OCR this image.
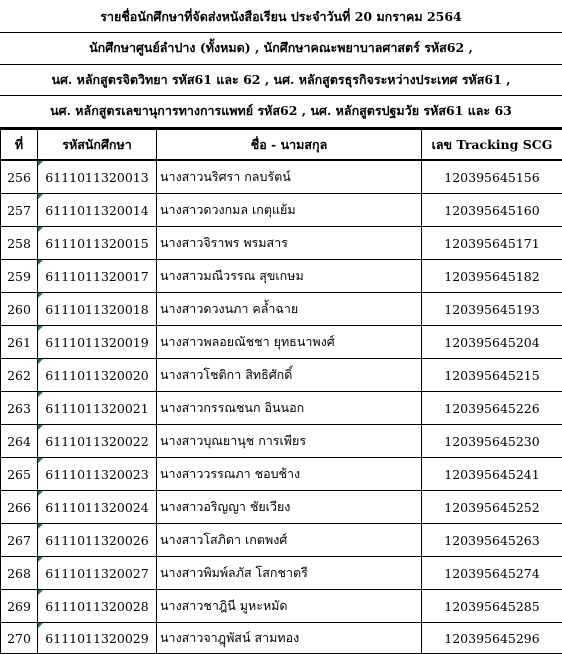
รายชื่อนักศึกษาที่จัดส่งหนังสือเรียน ประจำวันที่ 20 มกราคม 2564
นักศึกษาศูนย์ลำปาง (ทั้งหมด) , นักศึกษาคณะพยาบาลศาสตร์ รหัส62 ,
นศ. หลักสูตรจิตวิทยา รหัส61 และ 62 , นศ. หลักสูตรธุรกิจระหว่างประเทศ รหัส61 ,
นศ. หลักสูตรเลขานุการทางการแพทย์ รหัส62 , นศ. หลักสูตรปฐมวัย รหัส61 และ 63
ที่	รหัสนักศึกษา	ชื่อ - นามสกุล	เลข Tracking SCG
256	6111011320013	นางสาวนริศรา กลบรัตน์	120395645156
257	6111011320014	นางสาวดวงกมล เกตุแย้ม	120395645160
258	6111011320015	นางสาวจิราพร พรมสาร	120395645171
259	6111011320017	นางสาวมณีวรรณ สุขเกษม	120395645182
260	6111011320018	นางสาวดวงนภา คล้ำฉาย	120395645193
261	6111011320019	นางสาวพลอยณัชชา ยุทธนาพงศ์	120395645204
262	6111011320020	นางสาวโชติกา สิทธิศักดิ์	120395645215
263	6111011320021	นางสาวกรรณชนก อินนอก	120395645226
264	6111011320022	นางสาวบุณยานุช การเพียร	120395645230
265	6111011320023	นางสาววรรณภา ชอบช้าง	120395645241
266	6111011320024	นางสาวอริญญา ชัยเวียง	120395645252
267	6111011320026	นางสาวโสภิดา เกตพงศ์	120395645263
268	6111011320027	นางสาวพิมพ์ลภัส โสกชาตรี	120395645274
269	6111011320028	นางสาวชาฎินี มูหะหมัด	120395645285
270	6111011320029	นางสาวจาฎุพัสน์ สามทอง	120395645296
